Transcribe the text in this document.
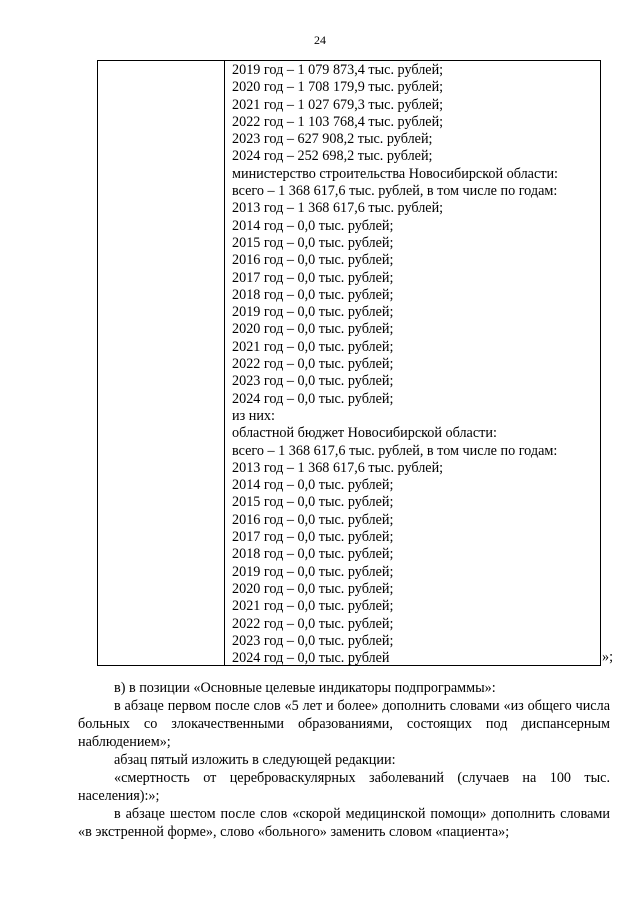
24
2019 год – 1 079 873,4 тыс. рублей;
2020 год – 1 708 179,9 тыс. рублей;
2021 год – 1 027 679,3 тыс. рублей;
2022 год – 1 103 768,4 тыс. рублей;
2023 год – 627 908,2 тыс. рублей;
2024 год – 252 698,2 тыс. рублей;
министерство строительства Новосибирской области:
всего – 1 368 617,6 тыс. рублей, в том числе по годам:
2013 год – 1 368 617,6 тыс. рублей;
2014 год – 0,0 тыс. рублей;
2015 год – 0,0 тыс. рублей;
2016 год – 0,0 тыс. рублей;
2017 год – 0,0 тыс. рублей;
2018 год – 0,0 тыс. рублей;
2019 год – 0,0 тыс. рублей;
2020 год – 0,0 тыс. рублей;
2021 год – 0,0 тыс. рублей;
2022 год – 0,0 тыс. рублей;
2023 год – 0,0 тыс. рублей;
2024 год – 0,0 тыс. рублей;
из них:
областной бюджет Новосибирской области:
всего – 1 368 617,6 тыс. рублей, в том числе по годам:
2013 год – 1 368 617,6 тыс. рублей;
2014 год – 0,0 тыс. рублей;
2015 год – 0,0 тыс. рублей;
2016 год – 0,0 тыс. рублей;
2017 год – 0,0 тыс. рублей;
2018 год – 0,0 тыс. рублей;
2019 год – 0,0 тыс. рублей;
2020 год – 0,0 тыс. рублей;
2021 год – 0,0 тыс. рублей;
2022 год – 0,0 тыс. рублей;
2023 год – 0,0 тыс. рублей;
2024 год – 0,0 тыс. рублей	»;

в) в позиции «Основные целевые индикаторы подпрограммы»:

в абзаце первом после слов «5 лет и более» дополнить словами «из общего числа больных со злокачественными образованиями, состоящих под диспансерным наблюдением»;

абзац пятый изложить в следующей редакции:

«смертность от цереброваскулярных заболеваний (случаев на 100 тыс. населения):»;

в абзаце шестом после слов «скорой медицинской помощи» дополнить словами «в экстренной форме», слово «больного» заменить словом «пациента»;
